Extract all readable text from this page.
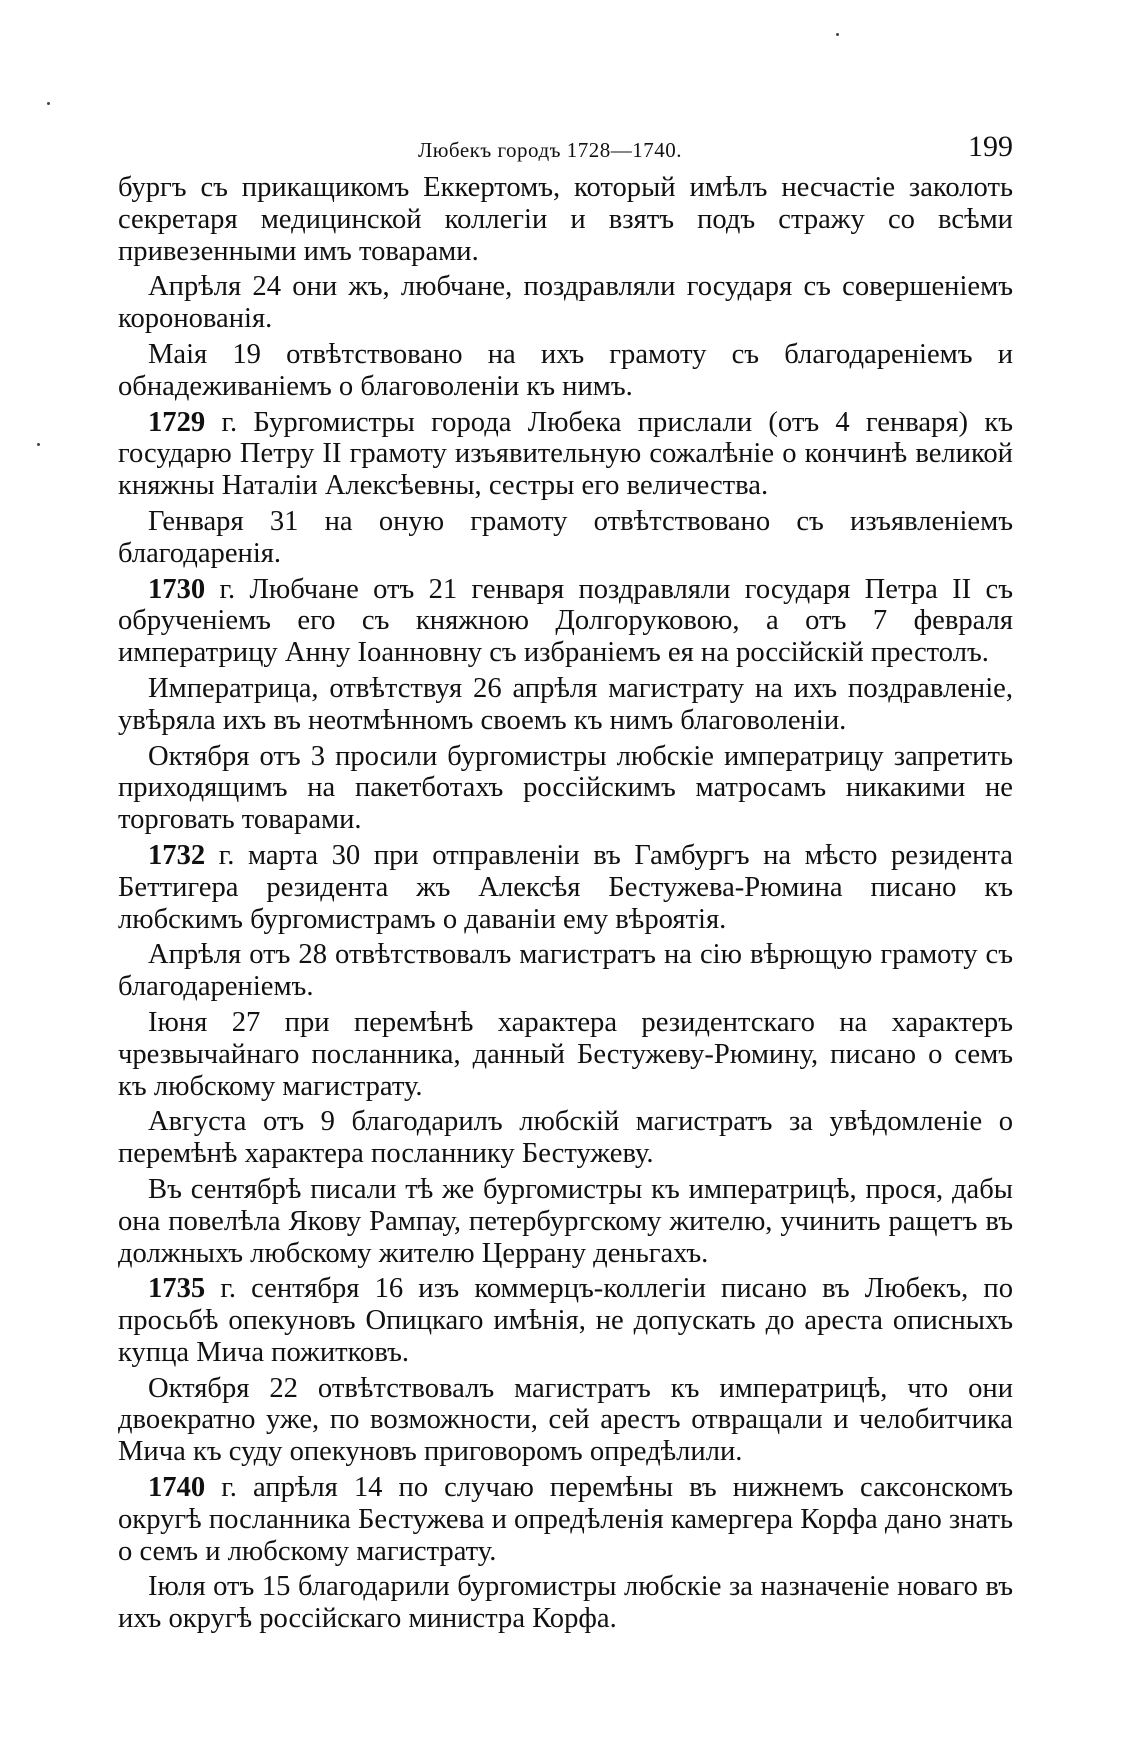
Любекъ городъ 1728—1740.	199

бургъ съ прикащикомъ Еккертомъ, который имѣлъ несчастіе заколоть секретаря медицинской коллегіи и взятъ подъ стражу со всѣми привезенными имъ товарами.

Апрѣля 24 они жъ, любчане, поздравляли государя съ совершеніемъ коронованія.

Маія 19 отвѣтствовано на ихъ грамоту съ благодареніемъ и обнадеживаніемъ о благоволеніи къ нимъ.

1729 г. Бургомистры города Любека прислали (отъ 4 генваря) къ государю Петру II грамоту изъявительную сожалѣніе о кончинѣ великой княжны Наталіи Алексѣевны, сестры его величества.

Генваря 31 на оную грамоту отвѣтствовано съ изъявленіемъ благодаренія.

1730 г. Любчане отъ 21 генваря поздравляли государя Петра II съ обрученіемъ его съ княжною Долгоруковою, а отъ 7 февраля императрицу Анну Іоанновну съ избраніемъ ея на россійскій престолъ.

Императрица, отвѣтствуя 26 апрѣля магистрату на ихъ поздравленіе, увѣряла ихъ въ неотмѣнномъ своемъ къ нимъ благоволеніи.

Октября отъ 3 просили бургомистры любскіе императрицу запретить приходящимъ на пакетботахъ россійскимъ матросамъ никакими не торговать товарами.

1732 г. марта 30 при отправленіи въ Гамбургъ на мѣсто резидента Беттигера резидента жъ Алексѣя Бестужева-Рюмина писано къ любскимъ бургомистрамъ о даваніи ему вѣроятія.

Апрѣля отъ 28 отвѣтствовалъ магистратъ на сію вѣрющую грамоту съ благодареніемъ.

Іюня 27 при перемѣнѣ характера резидентскаго на характеръ чрезвычайнаго посланника, данный Бестужеву-Рюмину, писано о семъ къ любскому магистрату.

Августа отъ 9 благодарилъ любскій магистратъ за увѣдомленіе о перемѣнѣ характера посланнику Бестужеву.

Въ сентябрѣ писали тѣ же бургомистры къ императрицѣ, прося, дабы она повелѣла Якову Рампау, петербургскому жителю, учинить ращетъ въ должныхъ любскому жителю Церрану деньгахъ.

1735 г. сентября 16 изъ коммерцъ-коллегіи писано въ Любекъ, по просьбѣ опекуновъ Опицкаго имѣнія, не допускать до ареста описныхъ купца Мича пожитковъ.

Октября 22 отвѣтствовалъ магистратъ къ императрицѣ, что они двоекратно уже, по возможности, сей арестъ отвращали и челобитчика Мича къ суду опекуновъ приговоромъ опредѣлили.

1740 г. апрѣля 14 по случаю перемѣны въ нижнемъ саксонскомъ округѣ посланника Бестужева и опредѣленія камергера Корфа дано знать о семъ и любскому магистрату.

Іюля отъ 15 благодарили бургомистры любскіе за назначеніе новаго въ ихъ округѣ россійскаго министра Корфа.
